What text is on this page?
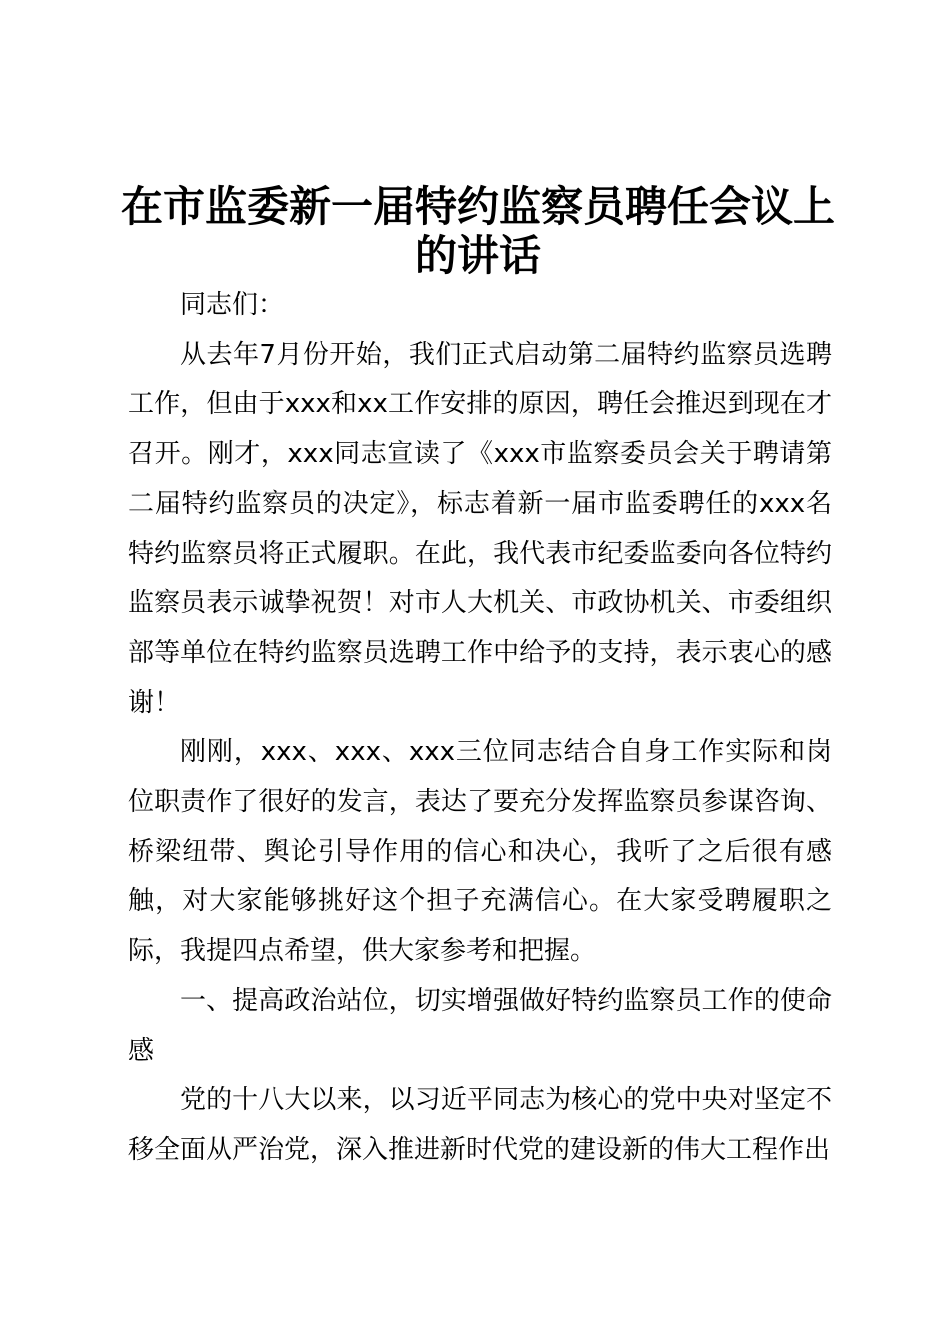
在市监委新一届特约监察员聘任会议上的讲话

同志们：

从去年7月份开始，我们正式启动第二届特约监察员选聘工作，但由于xxx和xx工作安排的原因，聘任会推迟到现在才召开。刚才，xxx同志宣读了《xxx市监察委员会关于聘请第二届特约监察员的决定》，标志着新一届市监委聘任的xxx名特约监察员将正式履职。在此，我代表市纪委监委向各位特约监察员表示诚挚祝贺！对市人大机关、市政协机关、市委组织部等单位在特约监察员选聘工作中给予的支持，表示衷心的感谢！

刚刚，xxx、xxx、xxx三位同志结合自身工作实际和岗位职责作了很好的发言，表达了要充分发挥监察员参谋咨询、桥梁纽带、舆论引导作用的信心和决心，我听了之后很有感触，对大家能够挑好这个担子充满信心。在大家受聘履职之际，我提四点希望，供大家参考和把握。

一、提高政治站位，切实增强做好特约监察员工作的使命感

党的十八大以来，以习近平同志为核心的党中央对坚定不移全面从严治党，深入推进新时代党的建设新的伟大工程作出
